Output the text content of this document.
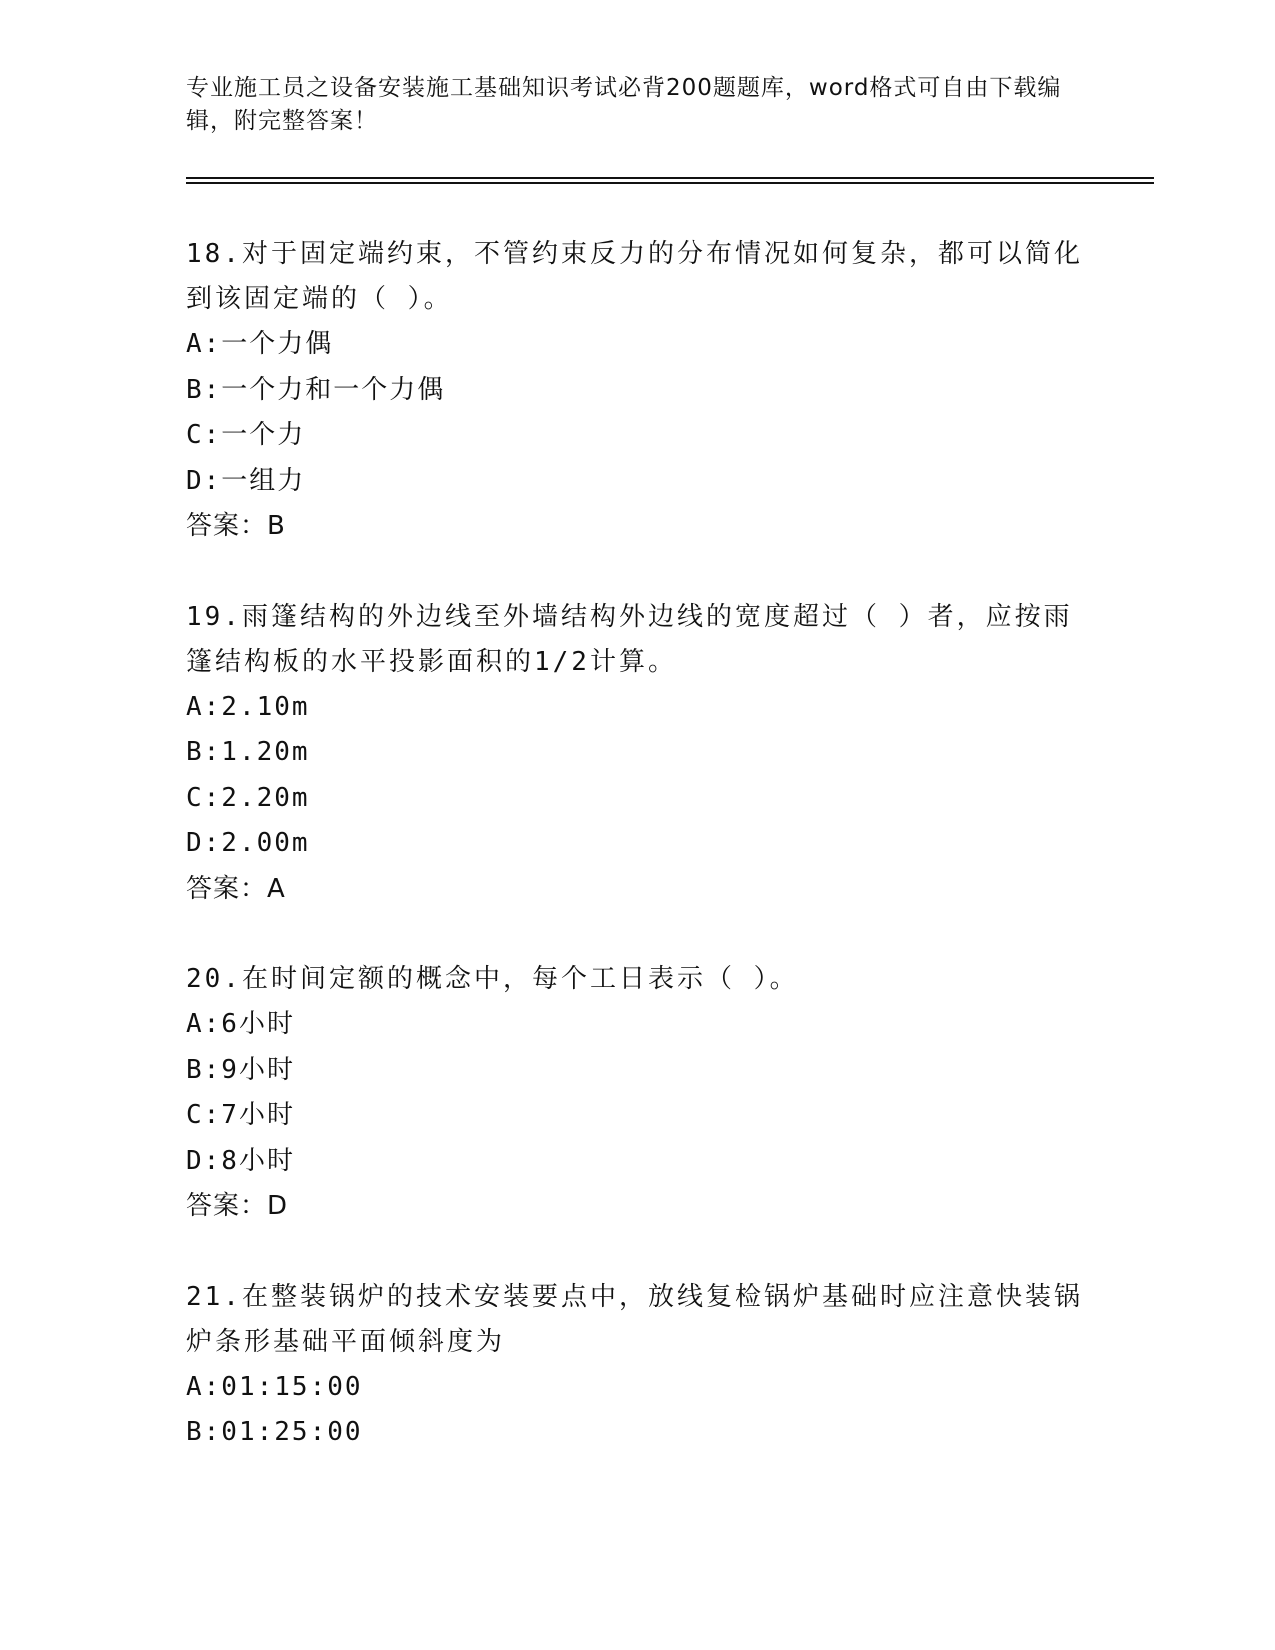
专业施工员之设备安装施工基础知识考试必背200题题库，word格式可自由下载编辑，附完整答案！

18.对于固定端约束，不管约束反力的分布情况如何复杂，都可以简化到该固定端的（ ）。

A:一个力偶

B:一个力和一个力偶

C:一个力

D:一组力

答案：B

19.雨篷结构的外边线至外墙结构外边线的宽度超过（ ）者，应按雨篷结构板的水平投影面积的1/2计算。

A:2.10m

B:1.20m

C:2.20m

D:2.00m

答案：A

20.在时间定额的概念中，每个工日表示（ ）。

A:6小时

B:9小时

C:7小时

D:8小时

答案：D

21.在整装锅炉的技术安装要点中，放线复检锅炉基础时应注意快装锅炉条形基础平面倾斜度为

A:01:15:00

B:01:25:00
